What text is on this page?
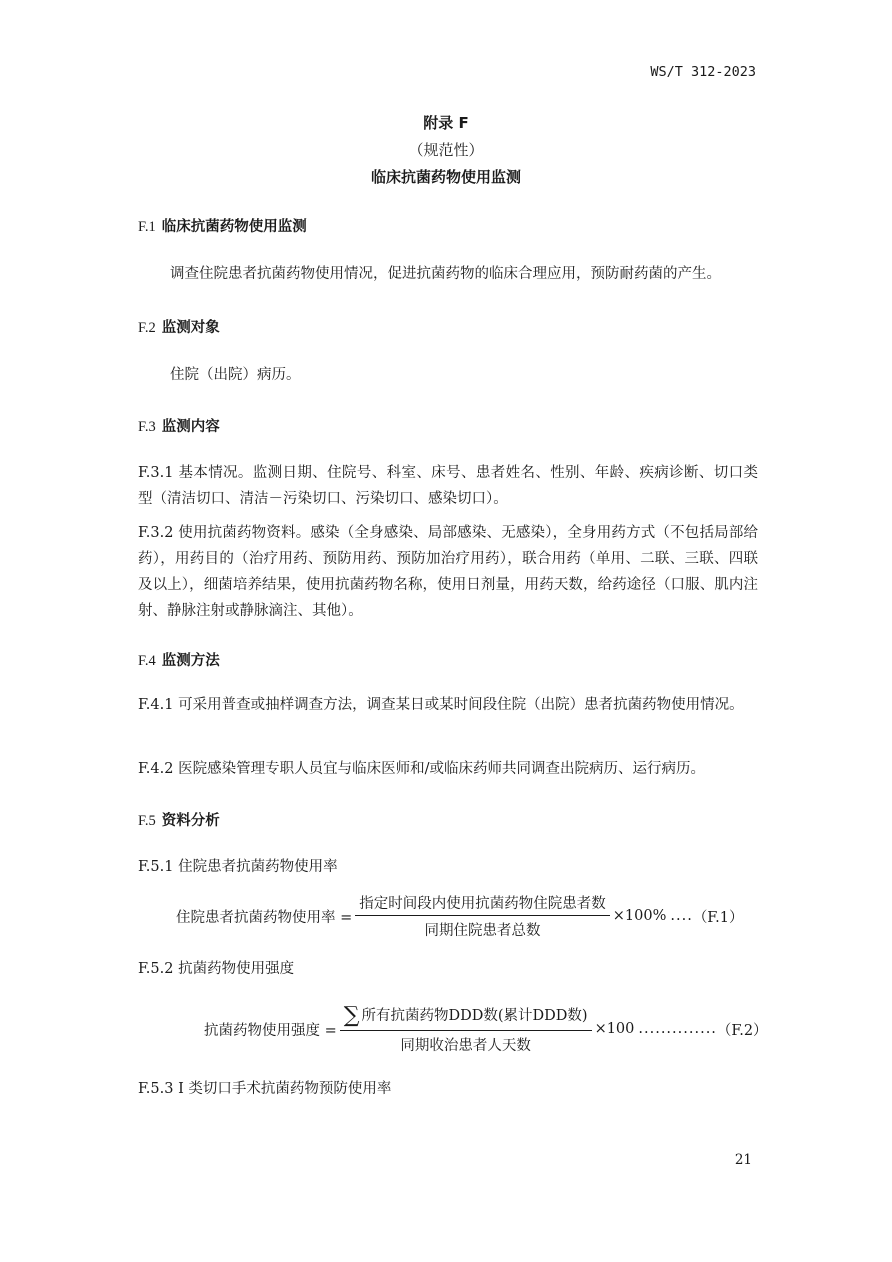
WS/T 312-2023
附录 F
（规范性）
临床抗菌药物使用监测
F.1 临床抗菌药物使用监测
调查住院患者抗菌药物使用情况，促进抗菌药物的临床合理应用，预防耐药菌的产生。
F.2 监测对象
住院（出院）病历。
F.3 监测内容
F.3.1 基本情况。监测日期、住院号、科室、床号、患者姓名、性别、年龄、疾病诊断、切口类型（清洁切口、清洁－污染切口、污染切口、感染切口）。
F.3.2 使用抗菌药物资料。感染（全身感染、局部感染、无感染），全身用药方式（不包括局部给药），用药目的（治疗用药、预防用药、预防加治疗用药），联合用药（单用、二联、三联、四联及以上），细菌培养结果，使用抗菌药物名称，使用日剂量，用药天数，给药途径（口服、肌内注射、静脉注射或静脉滴注、其他）。
F.4 监测方法
F.4.1 可采用普查或抽样调查方法，调查某日或某时间段住院（出院）患者抗菌药物使用情况。
F.4.2 医院感染管理专职人员宜与临床医师和/或临床药师共同调查出院病历、运行病历。
F.5 资料分析
F.5.1 住院患者抗菌药物使用率
住院患者抗菌药物使用率 = $\frac{\text{指定时间段内使用抗菌药物住院患者数}}{\text{同期住院患者总数}} \times 100\%$ .... （F.1）
F.5.2 抗菌药物使用强度
抗菌药物使用强度 = $\frac{\text{∑ 所有抗菌药物DDD数(累计DDD数)}}{\text{同期收治患者人天数}} \times 100$ .............. （F.2）
F.5.3 I 类切口手术抗菌药物预防使用率
21
